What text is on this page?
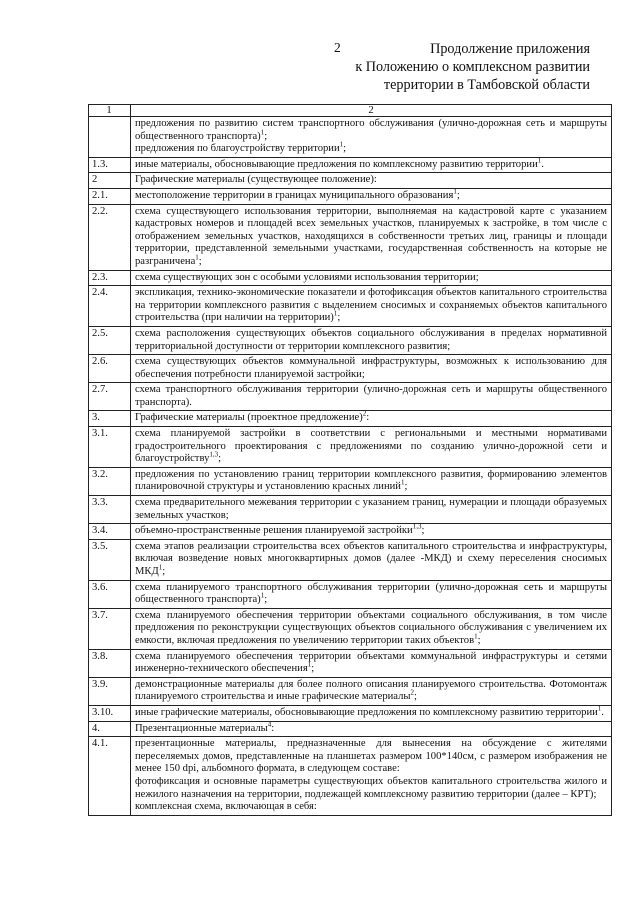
2	Продолжение приложения
к Положению о комплексном развитии
территории в Тамбовской области
1	2

	предложения по развитию систем транспортного обслуживания (улично-дорожная сеть и маршруты общественного транспорта)$^1$;
предложения по благоустройству территории$^1$;

1.3.	иные материалы, обосновывающие предложения по комплексному развитию территории$^1$.

2	Графические материалы (существующее положение):

2.1.	местоположение территории в границах муниципального образования$^1$;

2.2.	схема существующего использования территории, выполняемая на кадастровой карте с указанием кадастровых номеров и площадей всех земельных участков, планируемых к застройке, в том числе с отображением земельных участков, находящихся в собственности третьих лиц, границы и площади территории, представленной земельными участками, государственная собственность на которые не разграничена$^1$;

2.3.	схема существующих зон с особыми условиями использования территории;

2.4.	экспликация, технико-экономические показатели и фотофиксация объектов капитального строительства на территории комплексного развития с выделением сносимых и сохраняемых объектов капитального строительства (при наличии на территории)$^1$;

2.5.	схема расположения существующих объектов социального обслуживания в пределах нормативной территориальной доступности от территории комплексного развития;

2.6.	схема существующих объектов коммунальной инфраструктуры, возможных к использованию для обеспечения потребности планируемой застройки;

2.7.	схема транспортного обслуживания территории (улично-дорожная сеть и маршруты общественного транспорта).

3.	Графические материалы (проектное предложение)$^2$:

3.1.	схема планируемой застройки в соответствии с региональными и местными нормативами градостроительного проектирования с предложениями по созданию улично-дорожной сети и благоустройству$^{1,3}$;

3.2.	предложения по установлению границ территории комплексного развития, формированию элементов планировочной структуры и установлению красных линий$^1$;

3.3.	схема предварительного межевания территории с указанием границ, нумерации и площади образуемых земельных участков;

3.4.	объемно-пространственные решения планируемой застройки$^{1,3}$;

3.5.	схема этапов реализации строительства всех объектов капитального строительства и инфраструктуры, включая возведение новых многоквартирных домов (далее -МКД) и схему переселения сносимых МКД$^1$;

3.6.	схема планируемого транспортного обслуживания территории (улично-дорожная сеть и маршруты общественного транспорта)$^1$;

3.7.	схема планируемого обеспечения территории объектами социального обслуживания, в том числе предложения по реконструкции существующих объектов социального обслуживания с увеличением их емкости, включая предложения по увеличению территории таких объектов$^1$;

3.8.	схема планируемого обеспечения территории объектами коммунальной инфраструктуры и сетями инженерно-технического обеспечения$^1$;

3.9.	демонстрационные материалы для более полного описания планируемого строительства. Фотомонтаж планируемого строительства и иные графические материалы$^2$;

3.10.	иные графические материалы, обосновывающие предложения по комплексному развитию территории$^1$.

4.	Презентационные материалы$^4$:

4.1.	презентационные материалы, предназначенные для вынесения на обсуждение с жителями переселяемых домов, представленные на планшетах размером 100*140см, с размером изображения не менее 150 dpi, альбомного формата, в следующем составе:
фотофиксация и основные параметры существующих объектов капитального строительства жилого и нежилого назначения на территории, подлежащей комплексному развитию территории (далее – КРТ);
комплексная схема, включающая в себя:
